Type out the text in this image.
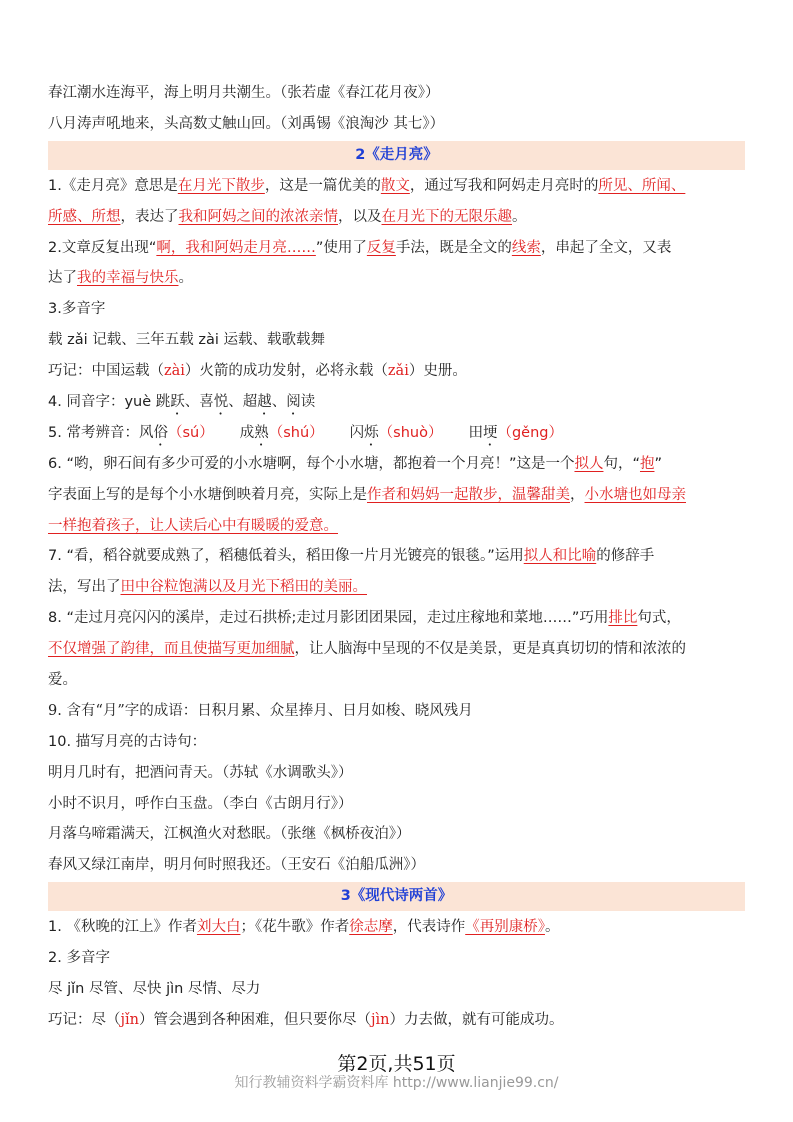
春江潮水连海平，海上明月共潮生。（张若虚《春江花月夜》）
八月涛声吼地来，头高数丈触山回。（刘禹锡《浪淘沙 其七》）
2《走月亮》
1.《走月亮》意思是在月光下散步，这是一篇优美的散文，通过写我和阿妈走月亮时的所见、所闻、
所感、所想，表达了我和阿妈之间的浓浓亲情，以及在月光下的无限乐趣。
2.文章反复出现“啊，我和阿妈走月亮……”使用了反复手法，既是全文的线索，串起了全文，又表
达了我的幸福与快乐。
3.多音字
载 zǎi 记载、三年五载 zài 运载、载歌载舞
巧记：中国运载（zài）火箭的成功发射，必将永载（zǎi）史册。
4. 同音字：yuè 跳跃、喜悦、超越、阅读
5. 常考辨音：风俗（sú） 成熟（shú） 闪烁（shuò） 田埂（gěng）
6. “哟，卵石间有多少可爱的小水塘啊，每个小水塘，都抱着一个月亮！”这是一个拟人句，“抱”
字表面上写的是每个小水塘倒映着月亮，实际上是作者和妈妈一起散步，温馨甜美，小水塘也如母亲
一样抱着孩子，让人读后心中有暖暖的爱意。
7. “看，稻谷就要成熟了，稻穗低着头，稻田像一片月光镀亮的银毯。”运用拟人和比喻的修辞手
法，写出了田中谷粒饱满以及月光下稻田的美丽。
8. “走过月亮闪闪的溪岸，走过石拱桥;走过月影团团果园，走过庄稼地和菜地……”巧用排比句式，
不仅增强了韵律，而且使描写更加细腻，让人脑海中呈现的不仅是美景，更是真真切切的情和浓浓的
爱。
9. 含有“月”字的成语：日积月累、众星捧月、日月如梭、晓风残月
10. 描写月亮的古诗句：
明月几时有，把酒问青天。（苏轼《水调歌头》）
小时不识月，呼作白玉盘。（李白《古朗月行》）
月落乌啼霜满天，江枫渔火对愁眠。（张继《枫桥夜泊》）
春风又绿江南岸，明月何时照我还。（王安石《泊船瓜洲》）
3《现代诗两首》
1. 《秋晚的江上》作者刘大白；《花牛歌》作者徐志摩，代表诗作《再别康桥》。
2. 多音字
尽 jǐn 尽管、尽快 jìn 尽情、尽力
巧记：尽（jǐn）管会遇到各种困难，但只要你尽（jìn）力去做，就有可能成功。
第2页,共51页
知行教辅资料学霸资料库 http://www.lianjie99.cn/
